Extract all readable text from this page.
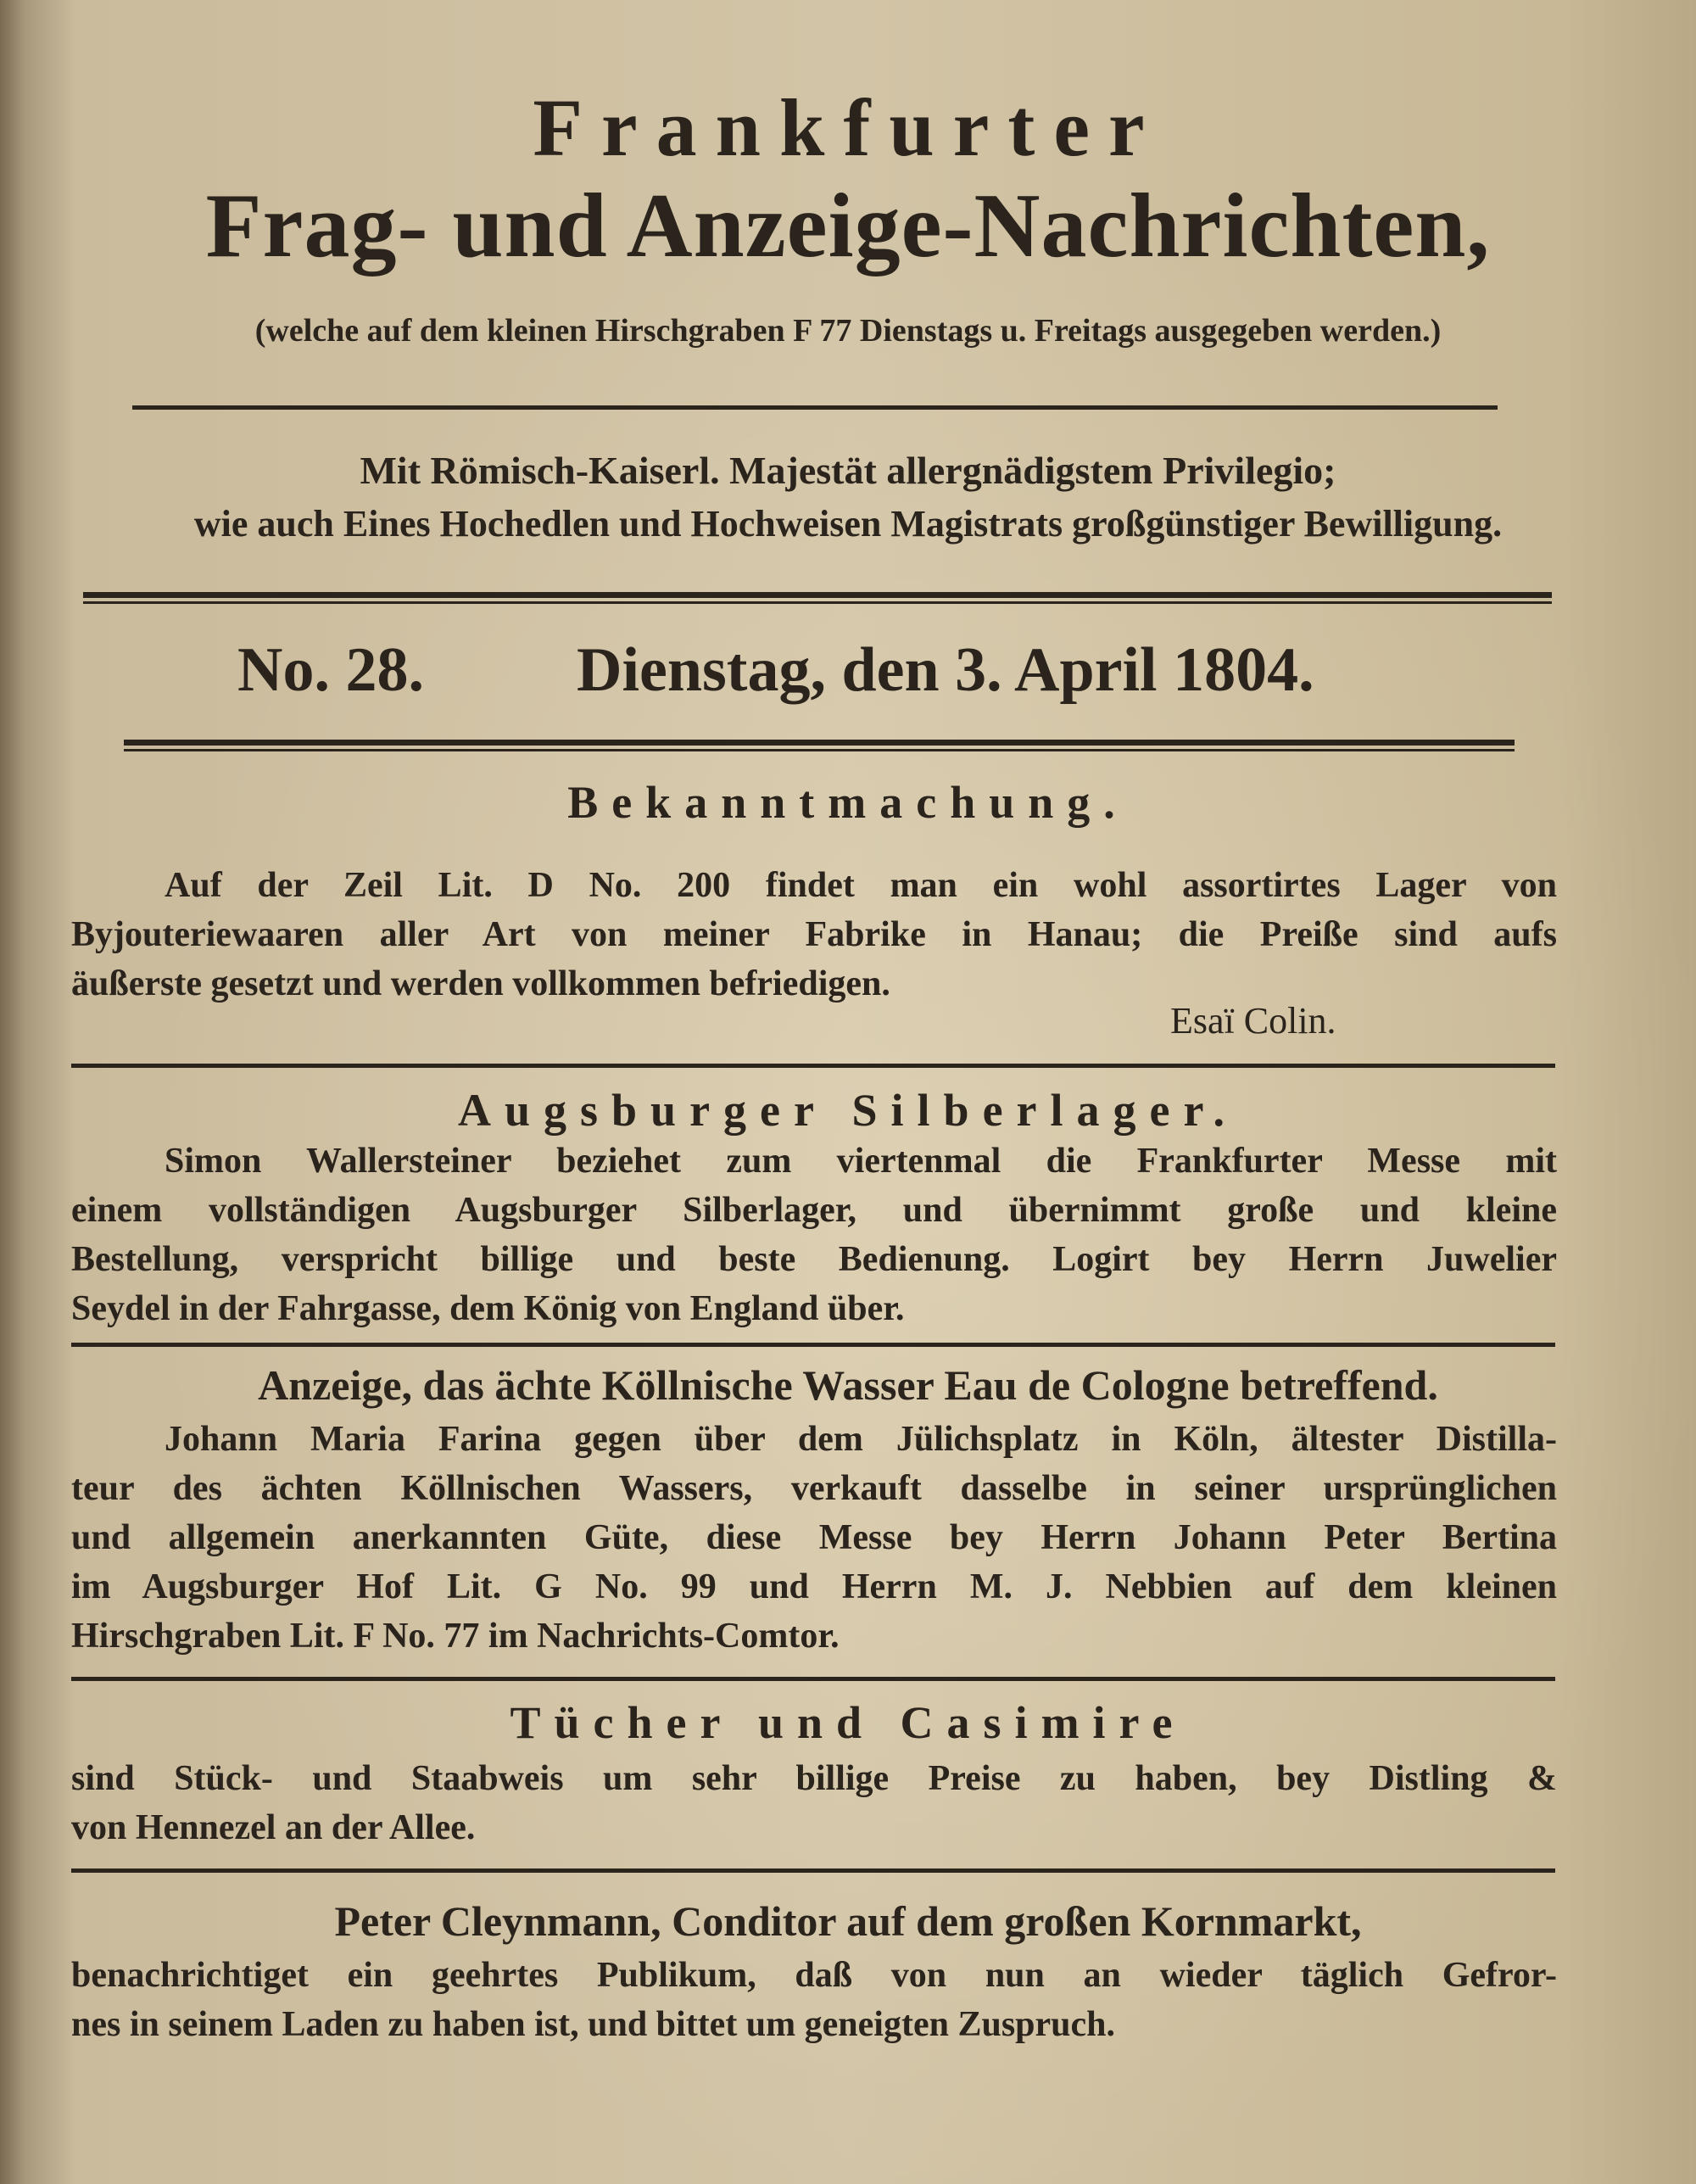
Frankfurter
Frag- und Anzeige-Nachrichten,
(welche auf dem kleinen Hirschgraben F 77 Dienstags u. Freitags ausgegeben werden.)
Mit Römisch-Kaiserl. Majestät allergnädigstem Privilegio;
wie auch Eines Hochedlen und Hochweisen Magistrats großgünstiger Bewilligung.
No. 28. Dienstag, den 3. April 1804.
Bekanntmachung.
Auf der Zeil Lit. D No. 200 findet man ein wohl assortirtes Lager von
Byjouteriewaaren aller Art von meiner Fabrike in Hanau; die Preiße sind aufs
äußerste gesetzt und werden vollkommen befriedigen.
Esaï Colin.
Augsburger Silberlager.
Simon Wallersteiner beziehet zum viertenmal die Frankfurter Messe mit
einem vollständigen Augsburger Silberlager, und übernimmt große und kleine
Bestellung, verspricht billige und beste Bedienung. Logirt bey Herrn Juwelier
Seydel in der Fahrgasse, dem König von England über.
Anzeige, das ächte Köllnische Wasser Eau de Cologne betreffend.
Johann Maria Farina gegen über dem Jülichsplatz in Köln, ältester Distilla-
teur des ächten Köllnischen Wassers, verkauft dasselbe in seiner ursprünglichen
und allgemein anerkannten Güte, diese Messe bey Herrn Johann Peter Bertina
im Augsburger Hof Lit. G No. 99 und Herrn M. J. Nebbien auf dem kleinen
Hirschgraben Lit. F No. 77 im Nachrichts-Comtor.
Tücher und Casimire
sind Stück- und Staabweis um sehr billige Preise zu haben, bey Distling &
von Hennezel an der Allee.
Peter Cleynmann, Conditor auf dem großen Kornmarkt,
benachrichtiget ein geehrtes Publikum, daß von nun an wieder täglich Gefror-
nes in seinem Laden zu haben ist, und bittet um geneigten Zuspruch.
